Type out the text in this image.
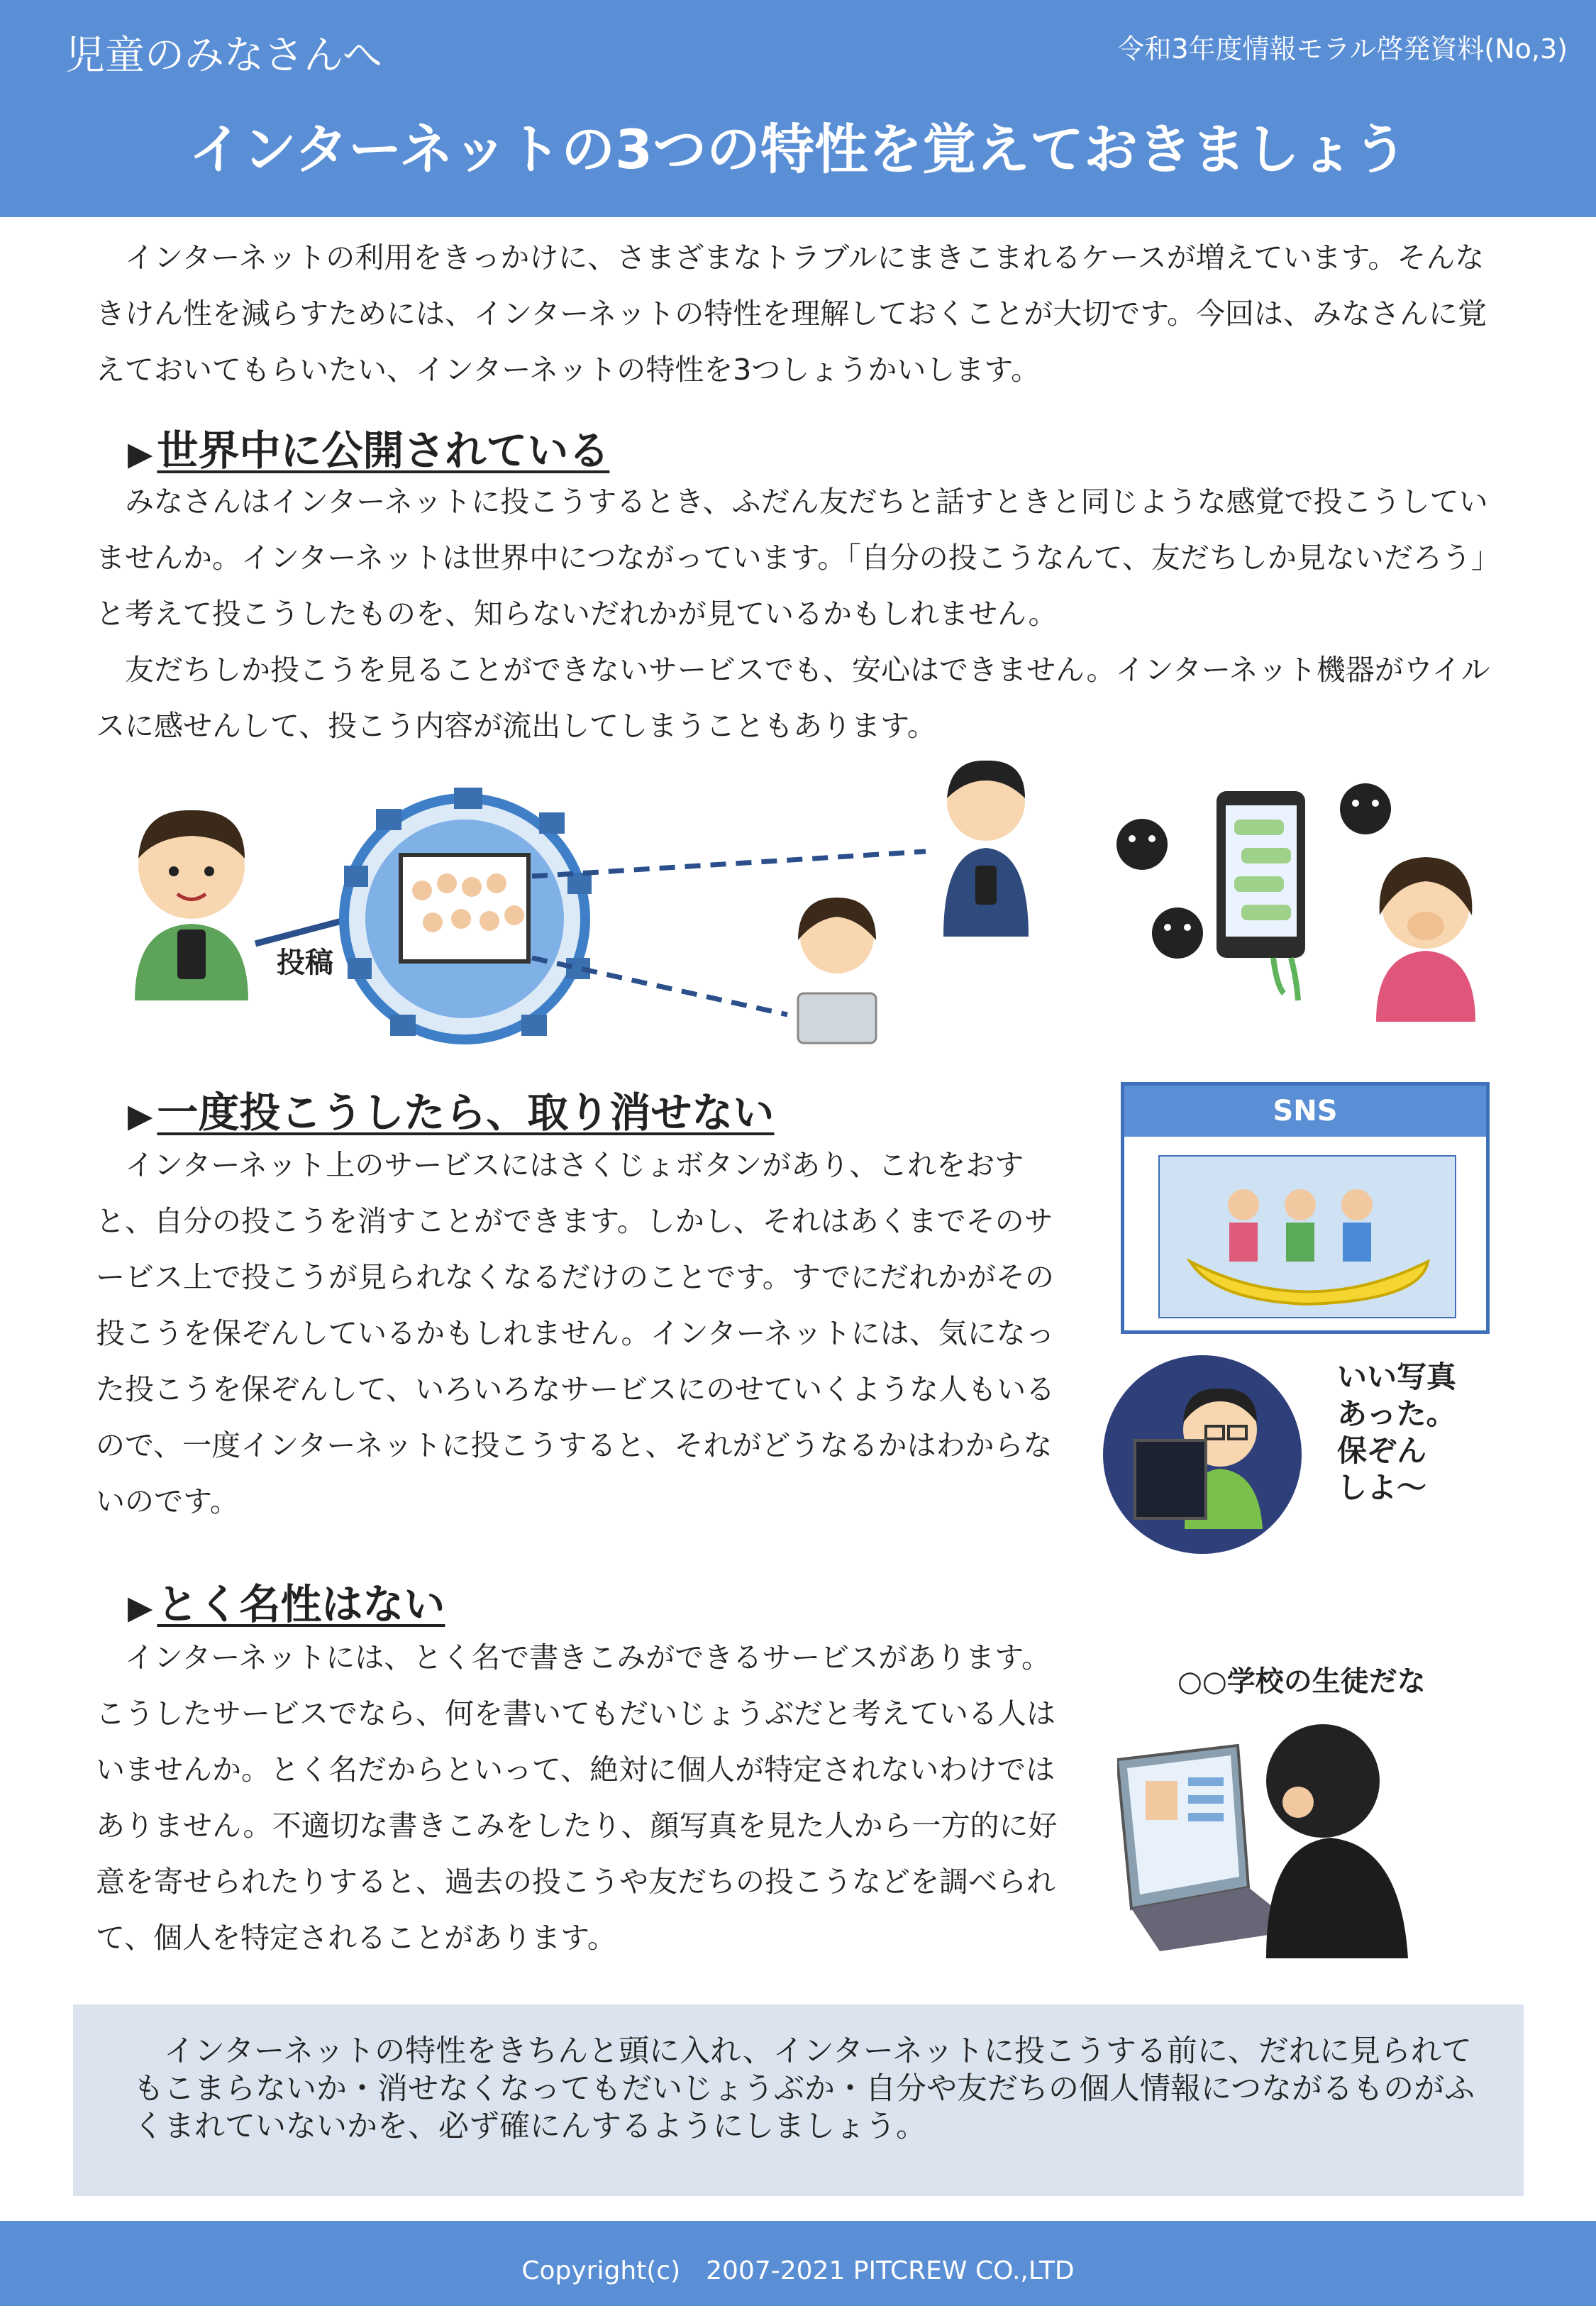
児童のみなさんへ	令和3年度情報モラル啓発資料(No,3)
インターネットの3つの特性を覚えておきましょう

インターネットの利用をきっかけに、さまざまなトラブルにまきこまれるケースが増えています。そんなきけん性を減らすためには、インターネットの特性を理解しておくことが大切です。今回は、みなさんに覚えておいてもらいたい、インターネットの特性を3つしょうかいします。

▶ 世界中に公開されている

みなさんはインターネットに投こうするとき、ふだん友だちと話すときと同じような感覚で投こうしていませんか。インターネットは世界中につながっています。「自分の投こうなんて、友だちしか見ないだろう」と考えて投こうしたものを、知らないだれかが見ているかもしれません。

友だちしか投こうを見ることができないサービスでも、安心はできません。インターネット機器がウイルスに感せんして、投こう内容が流出してしまうこともあります。

投稿
▶ 一度投こうしたら、取り消せない

インターネット上のサービスにはさくじょボタンがあり、これをおすと、自分の投こうを消すことができます。しかし、それはあくまでそのサービス上で投こうが見られなくなるだけのことです。すでにだれかがその投こうを保ぞんしているかもしれません。インターネットには、気になった投こうを保ぞんして、いろいろなサービスにのせていくような人もいるので、一度インターネットに投こうすると、それがどうなるかはわからないのです。

SNS
いい写真
あった。
保ぞん
しよ〜
▶ とく名性はない

インターネットには、とく名で書きこみができるサービスがあります。こうしたサービスでなら、何を書いてもだいじょうぶだと考えている人はいませんか。とく名だからといって、絶対に個人が特定されないわけではありません。不適切な書きこみをしたり、顔写真を見た人から一方的に好意を寄せられたりすると、過去の投こうや友だちの投こうなどを調べられて、個人を特定されることがあります。

○○学校の生徒だな

インターネットの特性をきちんと頭に入れ、インターネットに投こうする前に、だれに見られてもこまらないか・消せなくなってもだいじょうぶか・自分や友だちの個人情報につながるものがふくまれていないかを、必ず確にんするようにしましょう。

Copyright(c)　2007-2021 PITCREW CO.,LTD
